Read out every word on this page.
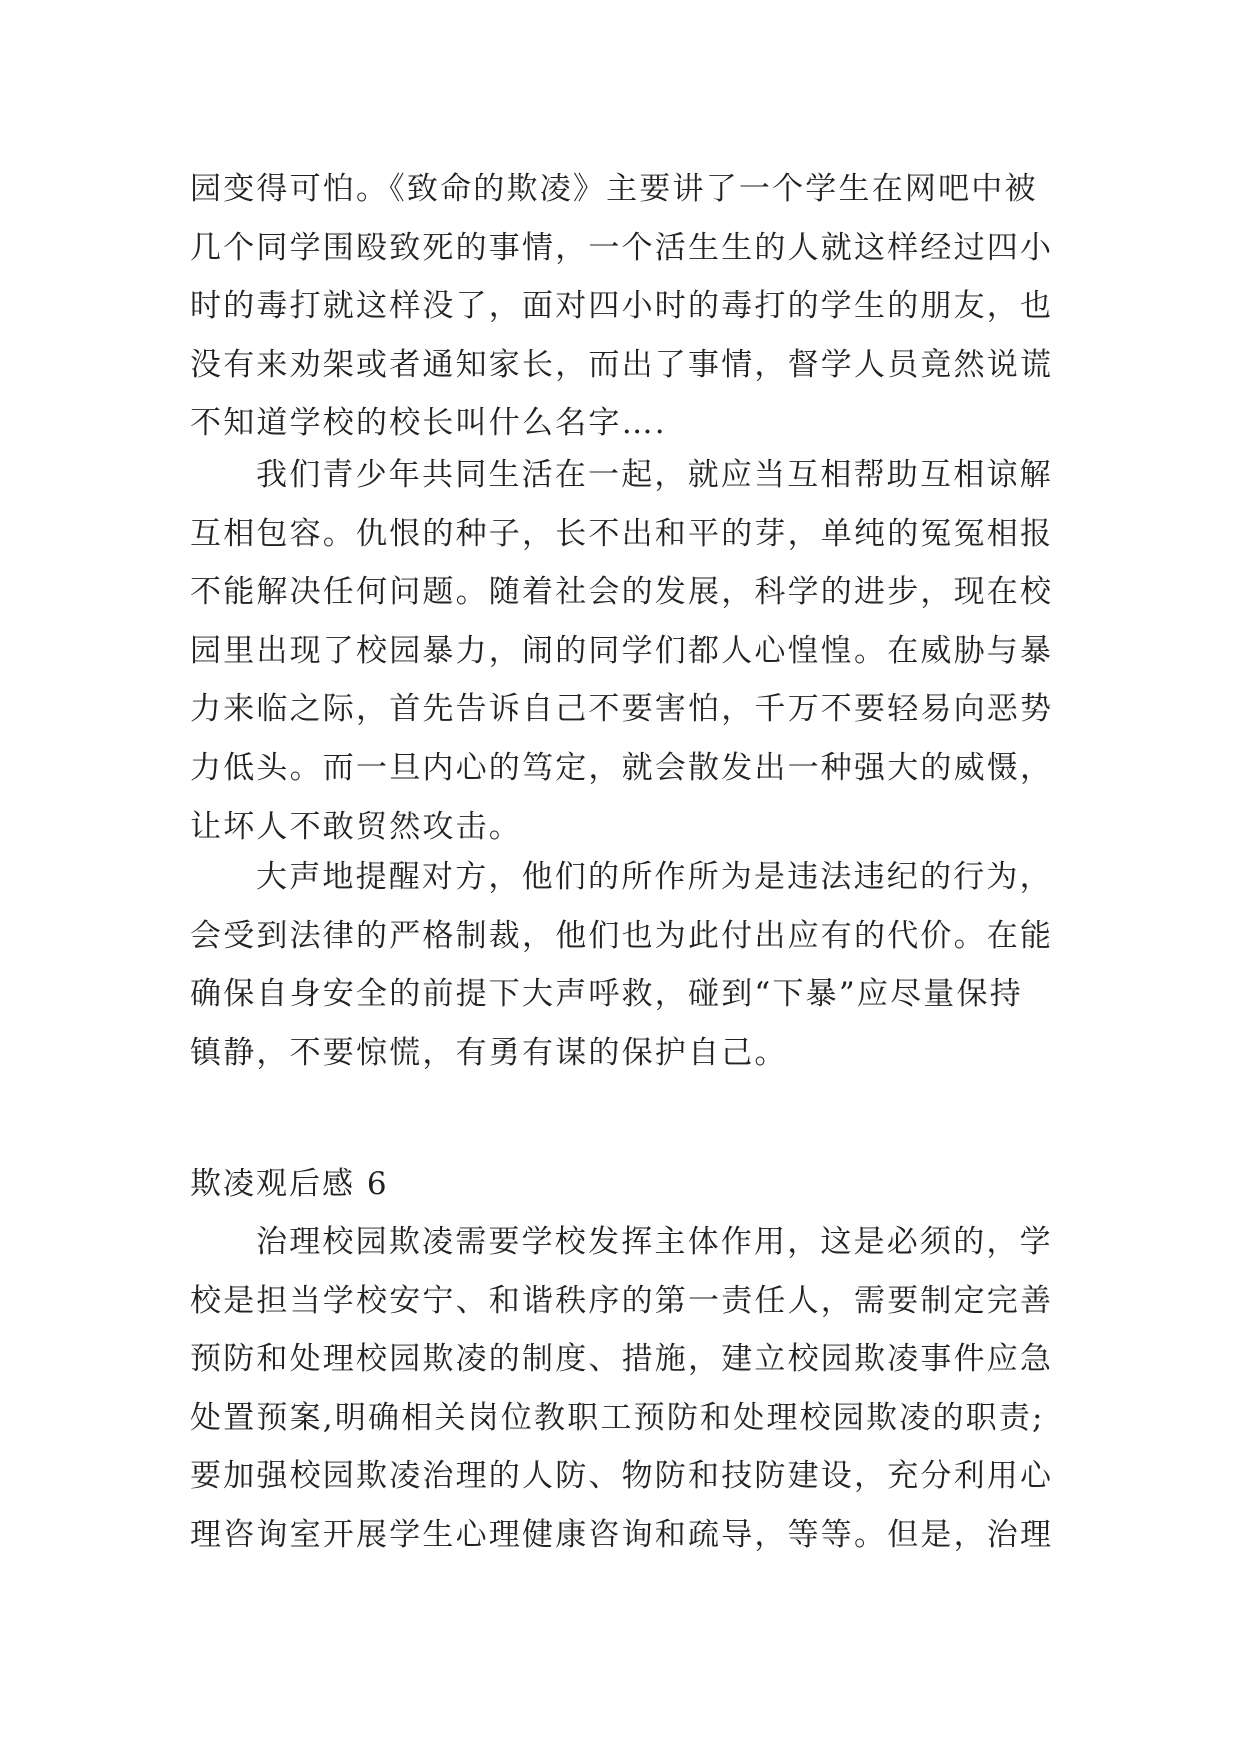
园变得可怕。《致命的欺凌》主要讲了一个学生在网吧中被
几个同学围殴致死的事情，一个活生生的人就这样经过四小
时的毒打就这样没了，面对四小时的毒打的学生的朋友，也
没有来劝架或者通知家长，而出了事情，督学人员竟然说谎
不知道学校的校长叫什么名字….
我们青少年共同生活在一起，就应当互相帮助互相谅解
互相包容。仇恨的种子，长不出和平的芽，单纯的冤冤相报
不能解决任何问题。随着社会的发展，科学的进步，现在校
园里出现了校园暴力，闹的同学们都人心惶惶。在威胁与暴
力来临之际，首先告诉自己不要害怕，千万不要轻易向恶势
力低头。而一旦内心的笃定，就会散发出一种强大的威慑，
让坏人不敢贸然攻击。
大声地提醒对方，他们的所作所为是违法违纪的行为，
会受到法律的严格制裁，他们也为此付出应有的代价。在能
确保自身安全的前提下大声呼救，碰到“下暴”应尽量保持
镇静，不要惊慌，有勇有谋的保护自己。
欺凌观后感 6
治理校园欺凌需要学校发挥主体作用，这是必须的，学
校是担当学校安宁、和谐秩序的第一责任人，需要制定完善
预防和处理校园欺凌的制度、措施，建立校园欺凌事件应急
处置预案,明确相关岗位教职工预防和处理校园欺凌的职责;
要加强校园欺凌治理的人防、物防和技防建设，充分利用心
理咨询室开展学生心理健康咨询和疏导，等等。但是，治理
